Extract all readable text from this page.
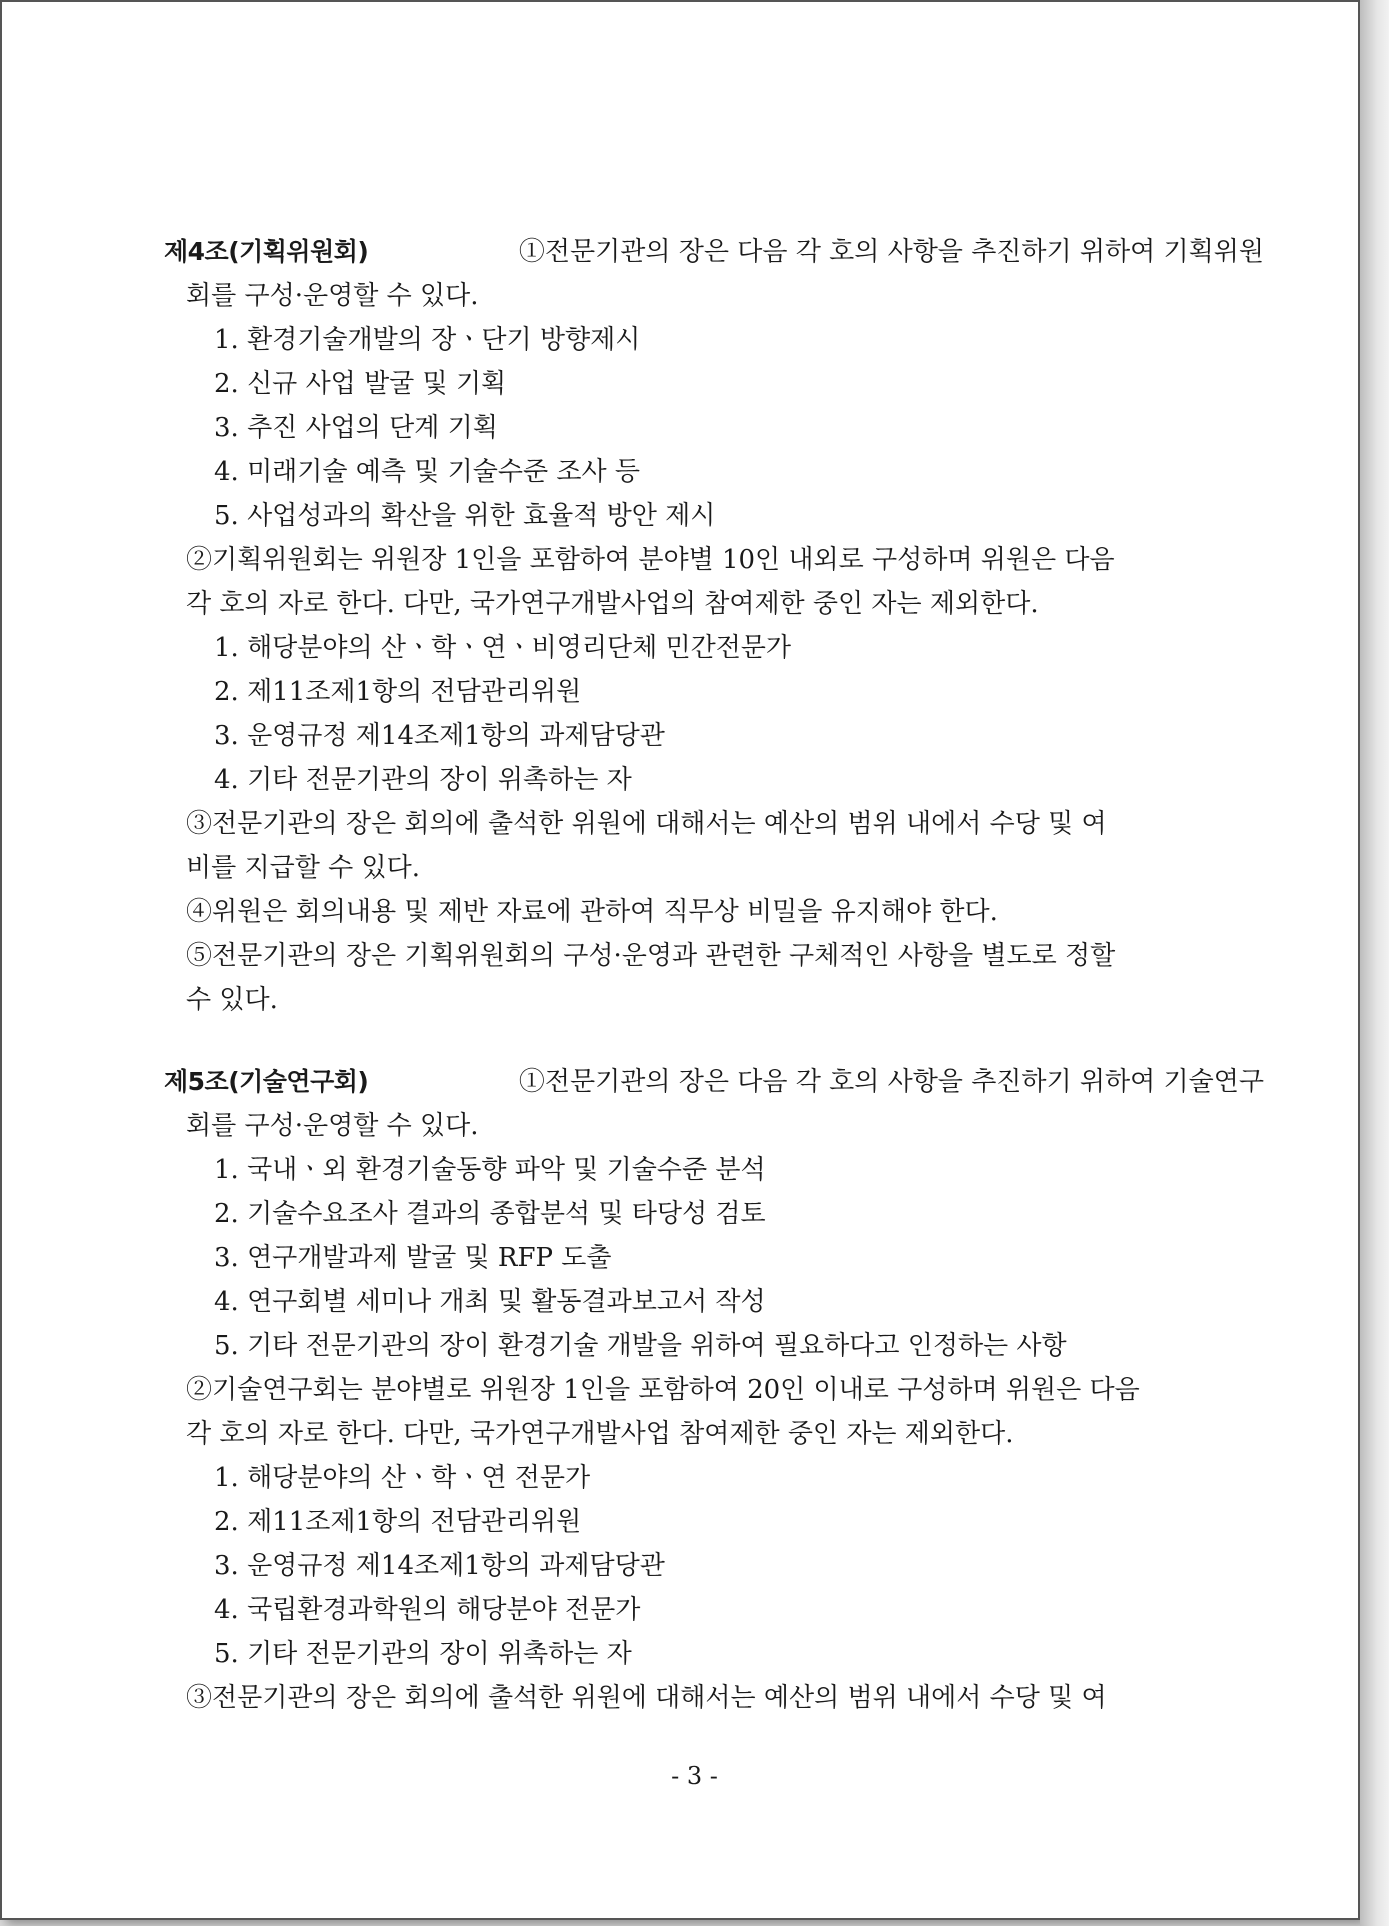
제4조(기획위원회)	①전문기관의 장은 다음 각 호의 사항을 추진하기 위하여 기획위원
회를 구성·운영할 수 있다.
1. 환경기술개발의 장ㆍ단기 방향제시
2. 신규 사업 발굴 및 기획
3. 추진 사업의 단계 기획
4. 미래기술 예측 및 기술수준 조사 등
5. 사업성과의 확산을 위한 효율적 방안 제시
②기획위원회는 위원장 1인을 포함하여 분야별 10인 내외로 구성하며 위원은 다음
각 호의 자로 한다. 다만, 국가연구개발사업의 참여제한 중인 자는 제외한다.
1. 해당분야의 산ㆍ학ㆍ연ㆍ비영리단체 민간전문가
2. 제11조제1항의 전담관리위원
3. 운영규정 제14조제1항의 과제담당관
4. 기타 전문기관의 장이 위촉하는 자
③전문기관의 장은 회의에 출석한 위원에 대해서는 예산의 범위 내에서 수당 및 여
비를 지급할 수 있다.
④위원은 회의내용 및 제반 자료에 관하여 직무상 비밀을 유지해야 한다.
⑤전문기관의 장은 기획위원회의 구성·운영과 관련한 구체적인 사항을 별도로 정할
수 있다.
제5조(기술연구회)	①전문기관의 장은 다음 각 호의 사항을 추진하기 위하여 기술연구
회를 구성·운영할 수 있다.
1. 국내ㆍ외 환경기술동향 파악 및 기술수준 분석
2. 기술수요조사 결과의 종합분석 및 타당성 검토
3. 연구개발과제 발굴 및 RFP 도출
4. 연구회별 세미나 개최 및 활동결과보고서 작성
5. 기타 전문기관의 장이 환경기술 개발을 위하여 필요하다고 인정하는 사항
②기술연구회는 분야별로 위원장 1인을 포함하여 20인 이내로 구성하며 위원은 다음
각 호의 자로 한다. 다만, 국가연구개발사업 참여제한 중인 자는 제외한다.
1. 해당분야의 산ㆍ학ㆍ연 전문가
2. 제11조제1항의 전담관리위원
3. 운영규정 제14조제1항의 과제담당관
4. 국립환경과학원의 해당분야 전문가
5. 기타 전문기관의 장이 위촉하는 자
③전문기관의 장은 회의에 출석한 위원에 대해서는 예산의 범위 내에서 수당 및 여
- 3 -
